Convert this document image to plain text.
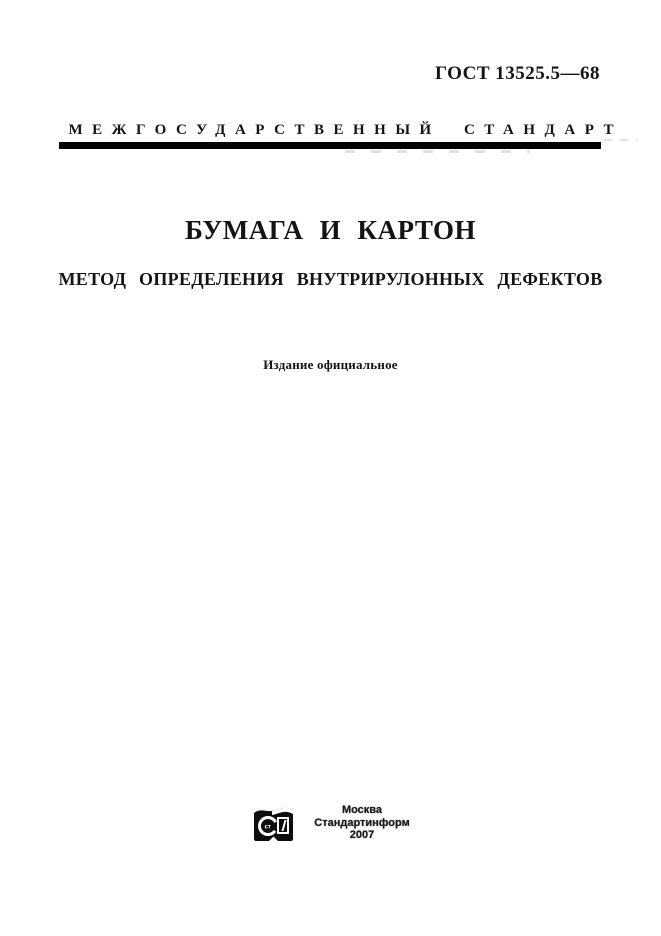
ГОСТ 13525.5—68
МЕЖГОСУДАРСТВЕННЫЙ СТАНДАРТ
БУМАГА И КАРТОН
МЕТОД ОПРЕДЕЛЕНИЯ ВНУТРИРУЛОННЫХ ДЕФЕКТОВ
Издание официальное
ст
Москва
Стандартинформ
2007
